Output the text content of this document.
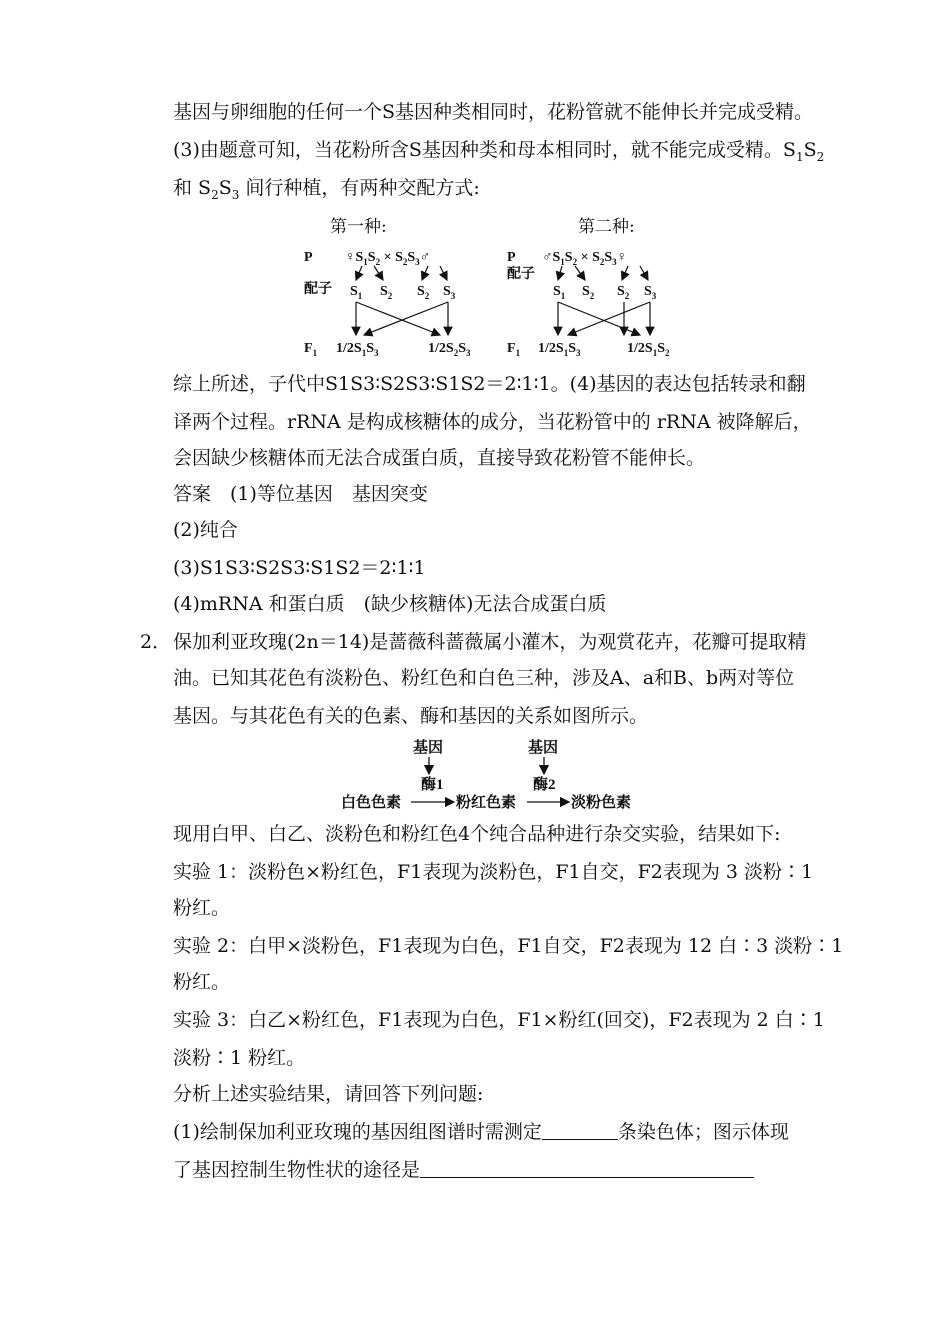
基因与卵细胞的任何一个S基因种类相同时，花粉管就不能伸长并完成受精。
(3)由题意可知，当花粉所含S基因种类和母本相同时，就不能完成受精。$S_1S_2$
和 $S_2S_3$ 间行种植，有两种交配方式:
第一种:	第二种:
P
配子
$F_1$
$♀S_1S_2$ × $S_2S_3♂$
$S_1$ $S_2$ $S_2$ $S_3$
$1/2S_1S_3$	$1/2S_2S_3$
P
配子
$F_1$
$♂S_1S_2$ × $S_2S_3♀$
$S_1$ $S_2$ $S_2$ $S_3$
$1/2S_1S_3$	$1/2S_1S_2$
综上所述，子代中S1S3∶S2S3∶S1S2＝2∶1∶1。(4)基因的表达包括转录和翻
译两个过程。rRNA 是构成核糖体的成分，当花粉管中的 rRNA 被降解后，
会因缺少核糖体而无法合成蛋白质，直接导致花粉管不能伸长。
答案　(1)等位基因　基因突变
(2)纯合
(3)S1S3∶S2S3∶S1S2＝2∶1∶1
(4)mRNA 和蛋白质　(缺少核糖体)无法合成蛋白质
2． 保加利亚玫瑰(2n＝14)是蔷薇科蔷薇属小灌木，为观赏花卉，花瓣可提取精
油。已知其花色有淡粉色、粉红色和白色三种，涉及A、a和B、b两对等位
基因。与其花色有关的色素、酶和基因的关系如图所示。
基因	基因
酶1	酶2
白色色素	粉红色素	淡粉色素
现用白甲、白乙、淡粉色和粉红色4个纯合品种进行杂交实验，结果如下:
实验 1：淡粉色×粉红色，F1表现为淡粉色，F1自交，F2表现为 3 淡粉∶1
粉红。
实验 2：白甲×淡粉色，F1表现为白色，F1自交，F2表现为 12 白∶3 淡粉∶1
粉红。
实验 3：白乙×粉红色，F1表现为白色，F1×粉红(回交)，F2表现为 2 白∶1
淡粉∶1 粉红。
分析上述实验结果，请回答下列问题:
(1)绘制保加利亚玫瑰的基因组图谱时需测定	条染色体；图示体现
了基因控制生物性状的途径是
